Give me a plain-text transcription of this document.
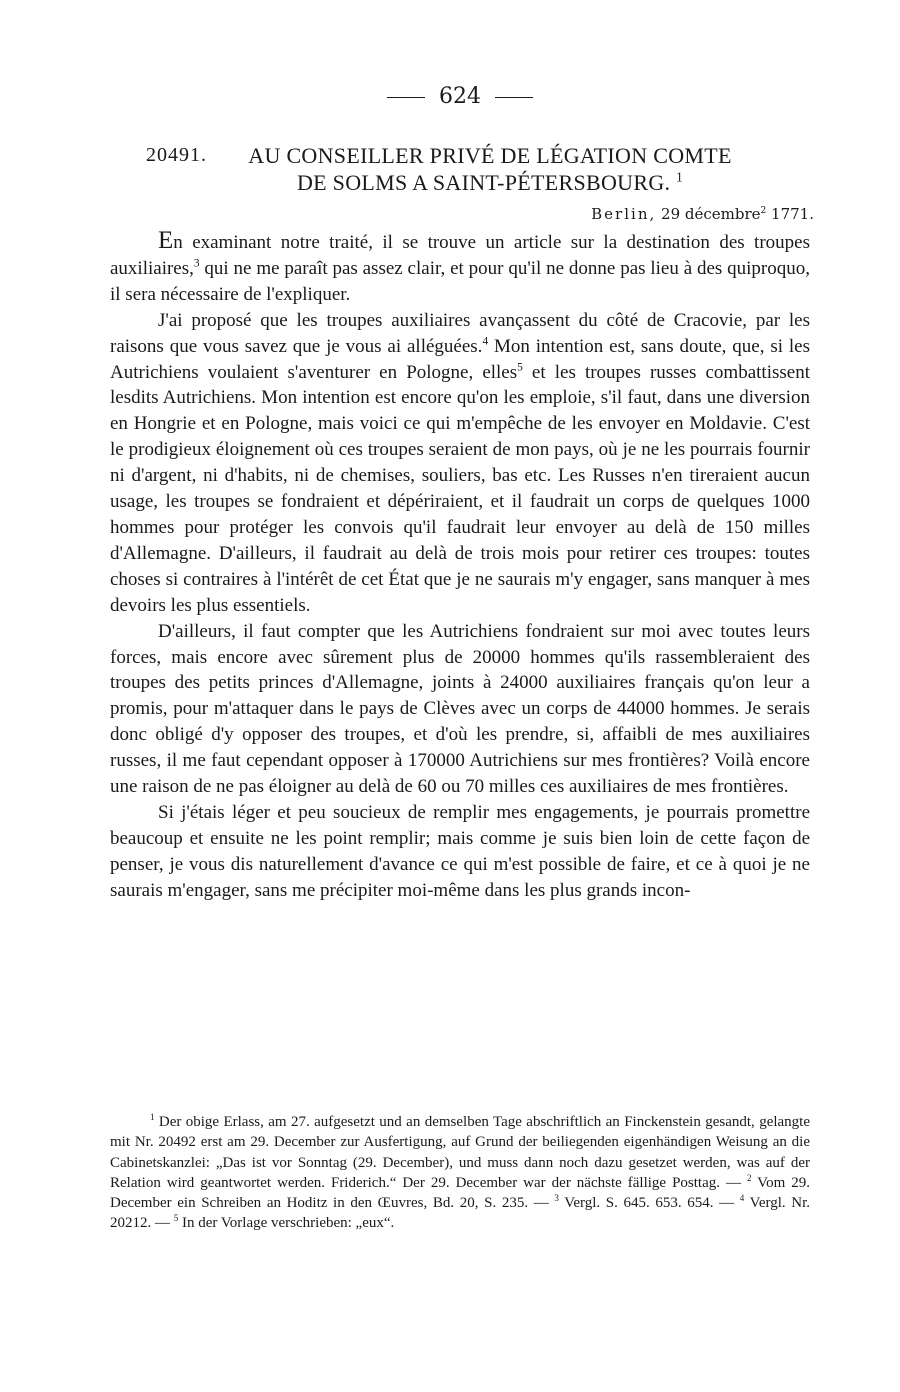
624
20491.	AU CONSEILLER PRIVÉ DE LÉGATION COMTE
DE SOLMS A SAINT-PÉTERSBOURG. $^1$
Berlin, 29 décembre$^2$ 1771.

En examinant notre traité, il se trouve un article sur la destination des troupes auxiliaires,$^3$ qui ne me paraît pas assez clair, et pour qu'il ne donne pas lieu à des quiproquo, il sera nécessaire de l'expliquer.

J'ai proposé que les troupes auxiliaires avançassent du côté de Cracovie, par les raisons que vous savez que je vous ai alléguées.$^4$ Mon intention est, sans doute, que, si les Autrichiens voulaient s'aventurer en Pologne, elles$^5$ et les troupes russes combattissent lesdits Autrichiens. Mon intention est encore qu'on les emploie, s'il faut, dans une diversion en Hongrie et en Pologne, mais voici ce qui m'empêche de les envoyer en Moldavie. C'est le prodigieux éloignement où ces troupes seraient de mon pays, où je ne les pourrais fournir ni d'argent, ni d'habits, ni de chemises, souliers, bas etc. Les Russes n'en tireraient aucun usage, les troupes se fondraient et dépériraient, et il faudrait un corps de quelques 1000 hommes pour protéger les convois qu'il faudrait leur envoyer au delà de 150 milles d'Allemagne. D'ailleurs, il faudrait au delà de trois mois pour retirer ces troupes: toutes choses si contraires à l'intérêt de cet État que je ne saurais m'y engager, sans manquer à mes devoirs les plus essentiels.

D'ailleurs, il faut compter que les Autrichiens fondraient sur moi avec toutes leurs forces, mais encore avec sûrement plus de 20000 hommes qu'ils rassembleraient des troupes des petits princes d'Allemagne, joints à 24000 auxiliaires français qu'on leur a promis, pour m'attaquer dans le pays de Clèves avec un corps de 44000 hommes. Je serais donc obligé d'y opposer des troupes, et d'où les prendre, si, affaibli de mes auxiliaires russes, il me faut cependant opposer à 170000 Autrichiens sur mes frontières? Voilà encore une raison de ne pas éloigner au delà de 60 ou 70 milles ces auxiliaires de mes frontières.

Si j'étais léger et peu soucieux de remplir mes engagements, je pourrais promettre beaucoup et ensuite ne les point remplir; mais comme je suis bien loin de cette façon de penser, je vous dis naturellement d'avance ce qui m'est possible de faire, et ce à quoi je ne saurais m'engager, sans me précipiter moi-même dans les plus grands incon-

$^1$ Der obige Erlass, am 27. aufgesetzt und an demselben Tage abschriftlich an Finckenstein gesandt, gelangte mit Nr. 20492 erst am 29. December zur Ausfertigung, auf Grund der beiliegenden eigenhändigen Weisung an die Cabinetskanzlei: „Das ist vor Sonntag (29. December), und muss dann noch dazu gesetzet werden, was auf der Relation wird geantwortet werden. Friderich.“ Der 29. December war der nächste fällige Posttag. — $^2$ Vom 29. December ein Schreiben an Hoditz in den Œuvres, Bd. 20, S. 235. — $^3$ Vergl. S. 645. 653. 654. — $^4$ Vergl. Nr. 20212. — $^5$ In der Vorlage verschrieben: „eux“.
